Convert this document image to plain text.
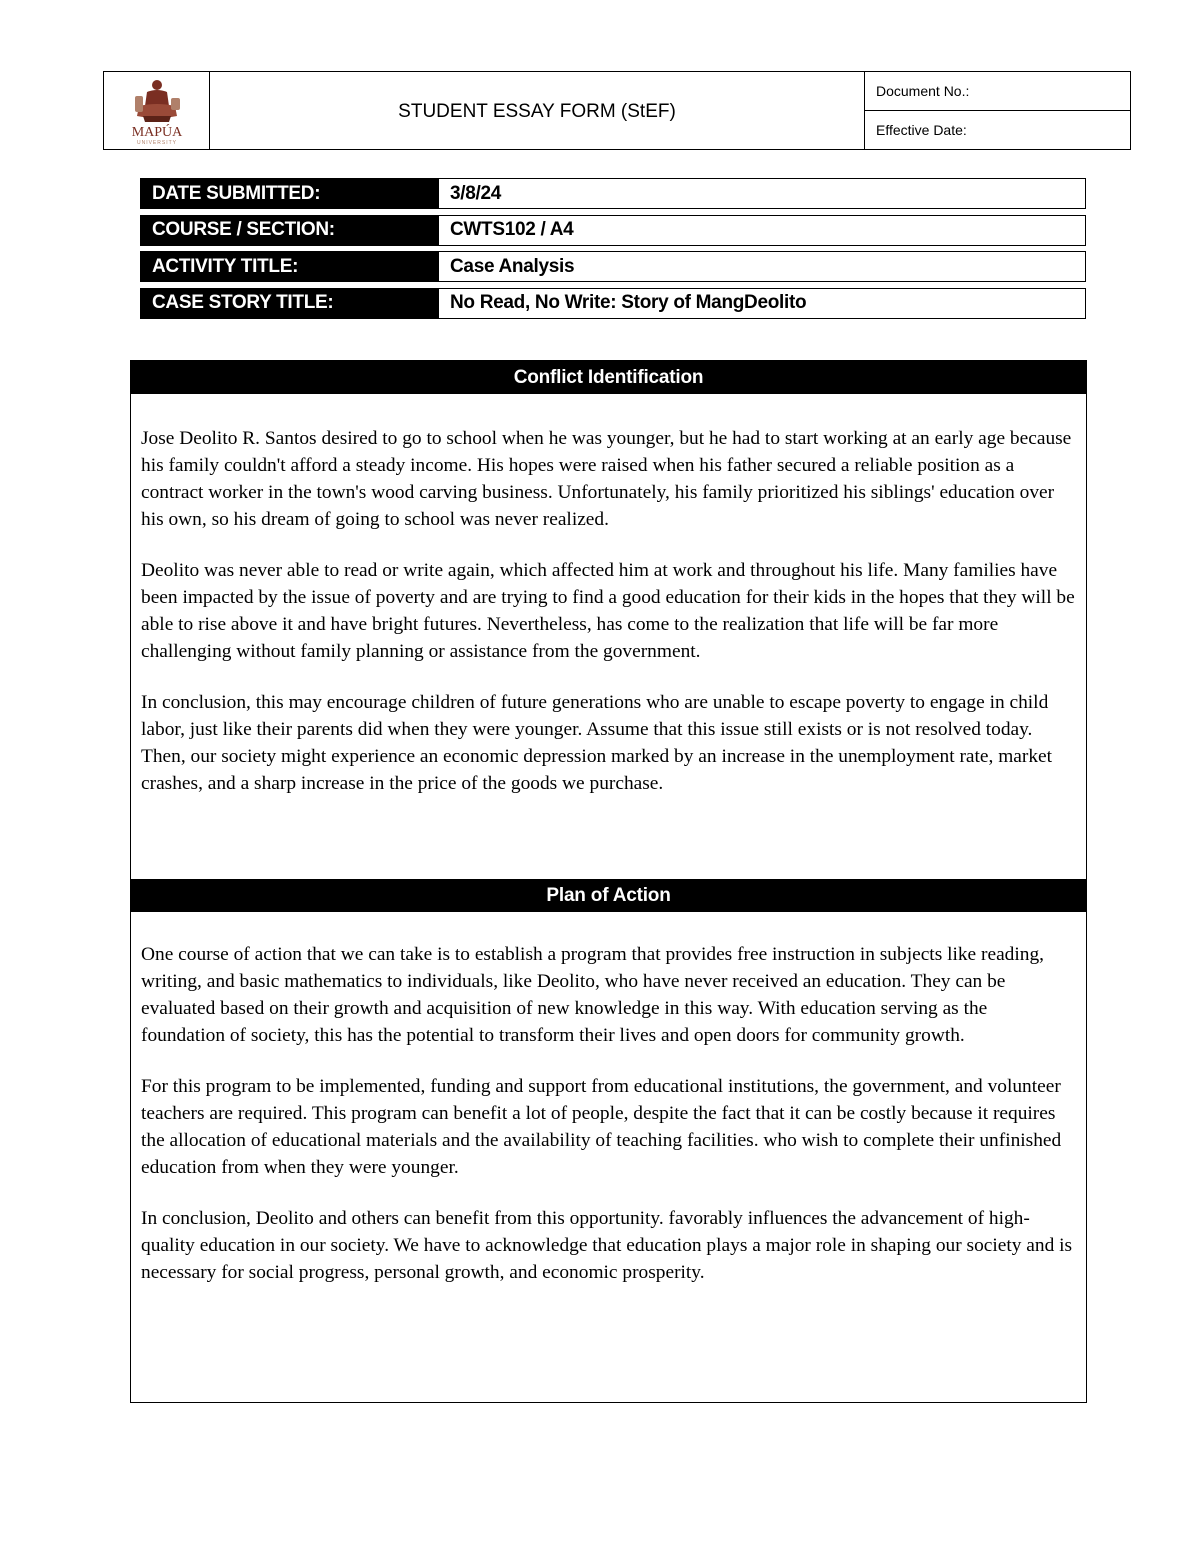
MAPÚA
UNIVERSITY
STUDENT ESSAY FORM (StEF)
Document No.:
Effective Date:
DATE SUBMITTED:	3/8/24
COURSE / SECTION:	CWTS102 / A4
ACTIVITY TITLE:	Case Analysis
CASE STORY TITLE:	No Read, No Write: Story of MangDeolito
Conflict Identification

Jose Deolito R. Santos desired to go to school when he was younger, but he had to start working at an early age because his family couldn't afford a steady income. His hopes were raised when his father secured a reliable position as a contract worker in the town's wood carving business. Unfortunately, his family prioritized his siblings' education over his own, so his dream of going to school was never realized.

Deolito was never able to read or write again, which affected him at work and throughout his life. Many families have been impacted by the issue of poverty and are trying to find a good education for their kids in the hopes that they will be able to rise above it and have bright futures. Nevertheless, has come to the realization that life will be far more challenging without family planning or assistance from the government.

In conclusion, this may encourage children of future generations who are unable to escape poverty to engage in child labor, just like their parents did when they were younger. Assume that this issue still exists or is not resolved today. Then, our society might experience an economic depression marked by an increase in the unemployment rate, market crashes, and a sharp increase in the price of the goods we purchase.

Plan of Action

One course of action that we can take is to establish a program that provides free instruction in subjects like reading, writing, and basic mathematics to individuals, like Deolito, who have never received an education. They can be evaluated based on their growth and acquisition of new knowledge in this way. With education serving as the foundation of society, this has the potential to transform their lives and open doors for community growth.

For this program to be implemented, funding and support from educational institutions, the government, and volunteer teachers are required. This program can benefit a lot of people, despite the fact that it can be costly because it requires the allocation of educational materials and the availability of teaching facilities. who wish to complete their unfinished education from when they were younger.

In conclusion, Deolito and others can benefit from this opportunity. favorably influences the advancement of high-quality education in our society. We have to acknowledge that education plays a major role in shaping our society and is necessary for social progress, personal growth, and economic prosperity.
